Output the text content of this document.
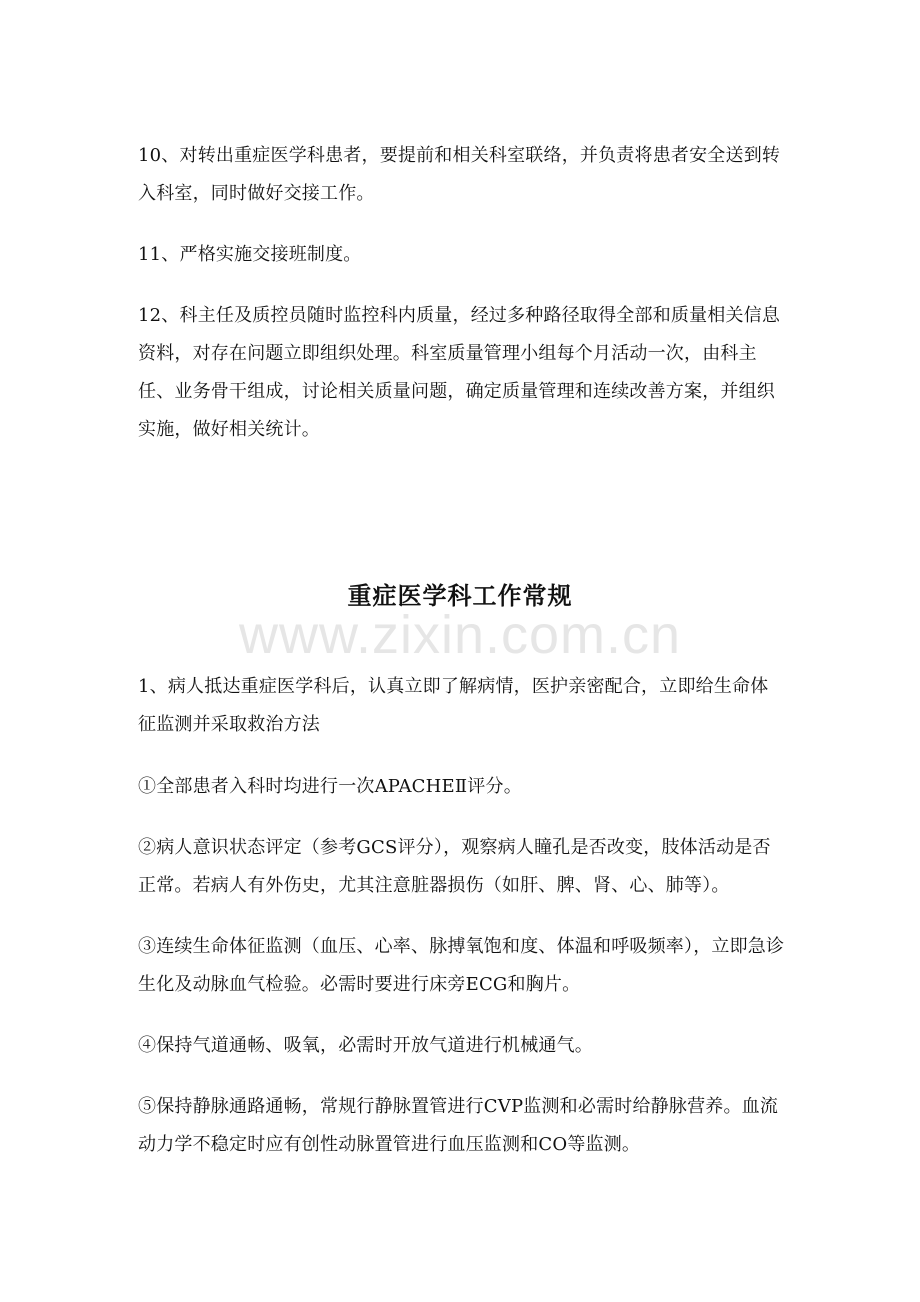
10、对转出重症医学科患者，要提前和相关科室联络，并负责将患者安全送到转入科室，同时做好交接工作。

11、严格实施交接班制度。

12、科主任及质控员随时监控科内质量，经过多种路径取得全部和质量相关信息资料，对存在问题立即组织处理。科室质量管理小组每个月活动一次，由科主任、业务骨干组成，讨论相关质量问题，确定质量管理和连续改善方案，并组织实施，做好相关统计。

重症医学科工作常规
www.zixin.com.cn

1、病人抵达重症医学科后，认真立即了解病情，医护亲密配合，立即给生命体征监测并采取救治方法

①全部患者入科时均进行一次APACHEⅡ评分。

②病人意识状态评定（参考GCS评分），观察病人瞳孔是否改变，肢体活动是否正常。若病人有外伤史，尤其注意脏器损伤（如肝、脾、肾、心、肺等）。

③连续生命体征监测（血压、心率、脉搏氧饱和度、体温和呼吸频率），立即急诊生化及动脉血气检验。必需时要进行床旁ECG和胸片。

④保持气道通畅、吸氧，必需时开放气道进行机械通气。

⑤保持静脉通路通畅，常规行静脉置管进行CVP监测和必需时给静脉营养。血流动力学不稳定时应有创性动脉置管进行血压监测和CO等监测。
